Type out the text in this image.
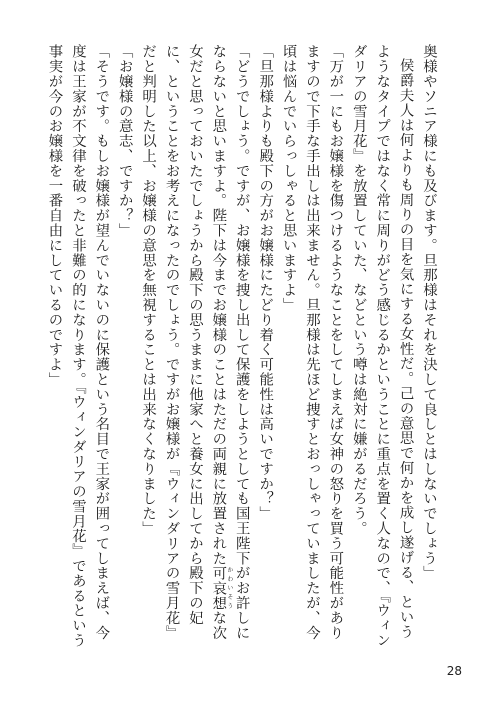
奥様やソニア様にも及びます。旦那様はそれを決して良しとはしないでしょう」

侯爵夫人は何よりも周りの目を気にする女性だ。己の意思で何かを成し遂げる、というようなタイプではなく常に周りがどう感じるかということに重点を置く人なので、『ウィンダリアの雪月花』を放置していた、などという噂は絶対に嫌がるだろう。

「万が一にもお嬢様を傷つけるようなことをしてしまえば女神の怒りを買う可能性がありますので下手な手出しは出来ません。旦那様は先ほど捜すとおっしゃっていましたが、今頃は悩んでいらっしゃると思いますよ」

「旦那様よりも殿下の方がお嬢様にたどり着く可能性は高いですか？」

「どうでしょう。ですが、お嬢様を捜し出して保護をしようとしても国王陛下がお許しにならないと思いますよ。陛下は今までお嬢様のことはただの両親に放置された可哀想 かわいそうな次女だと思っておいたでしょうから殿下の思うままに他家へと養女に出してから殿下の妃に、ということをお考えになったのでしょう。ですがお嬢様が『ウィンダリアの雪月花』だと判明した以上、お嬢様の意思を無視することは出来なくなりました」

「お嬢様の意志、ですか？」

「そうです。もしお嬢様が望んでいないのに保護という名目で王家が囲ってしまえば、今度は王家が不文律を破ったと非難の的になります。『ウィンダリアの雪月花』であるという事実が今のお嬢様を一番自由にしているのですよ」

28
